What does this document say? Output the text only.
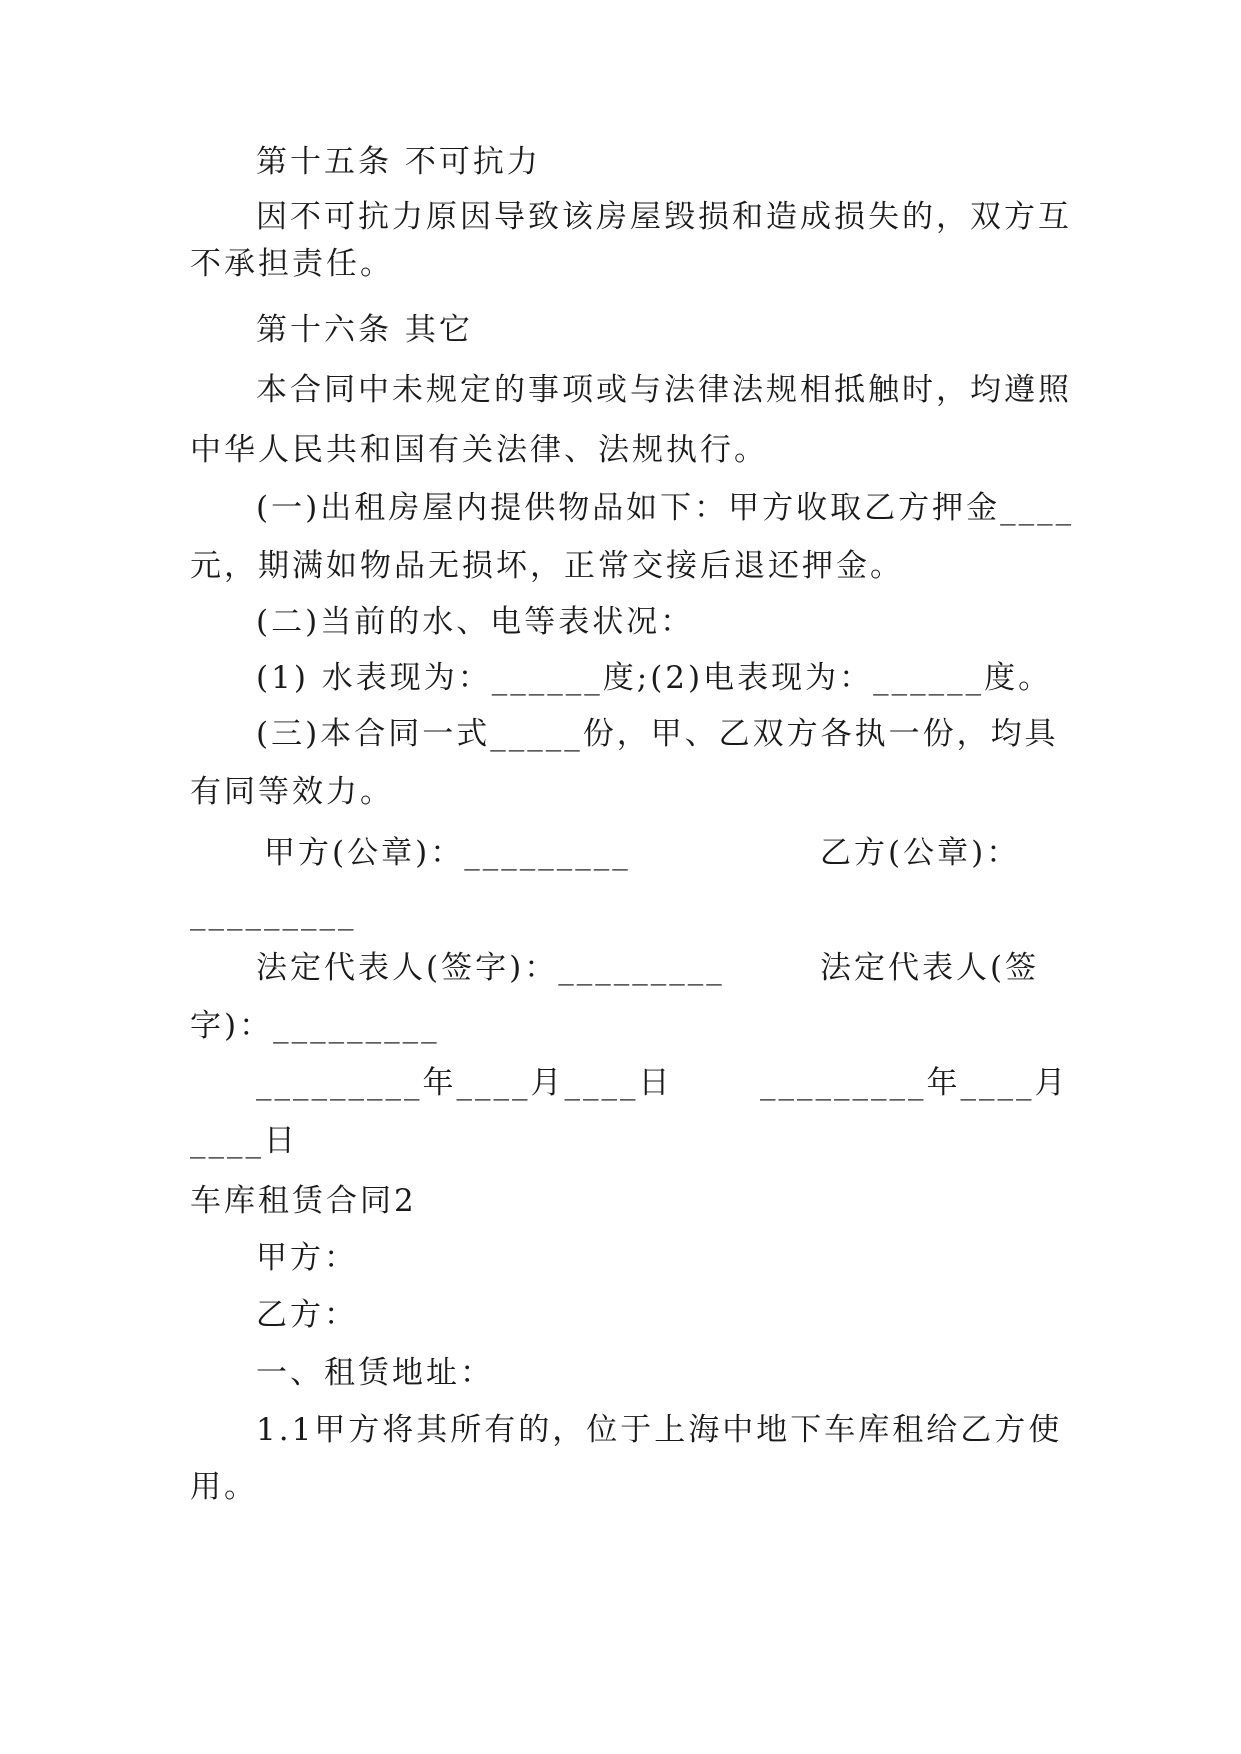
第十五条 不可抗力
因不可抗力原因导致该房屋毁损和造成损失的，双方互
不承担责任。
第十六条 其它
本合同中未规定的事项或与法律法规相抵触时，均遵照
中华人民共和国有关法律、法规执行。
(一)出租房屋内提供物品如下：甲方收取乙方押金____
元，期满如物品无损坏，正常交接后退还押金。
(二)当前的水、电等表状况：
(1) 水表现为：______度;(2)电表现为：______度。
(三)本合同一式_____份，甲、乙双方各执一份，均具
有同等效力。
甲方(公章)：_________	乙方(公章)：
_________
法定代表人(签字)：_________	法定代表人(签
字)：_________
_________年____月____日	_________年____月
____日
车库租赁合同2
甲方：
乙方：
一、租赁地址：
1.1甲方将其所有的，位于上海中地下车库租给乙方使
用。
